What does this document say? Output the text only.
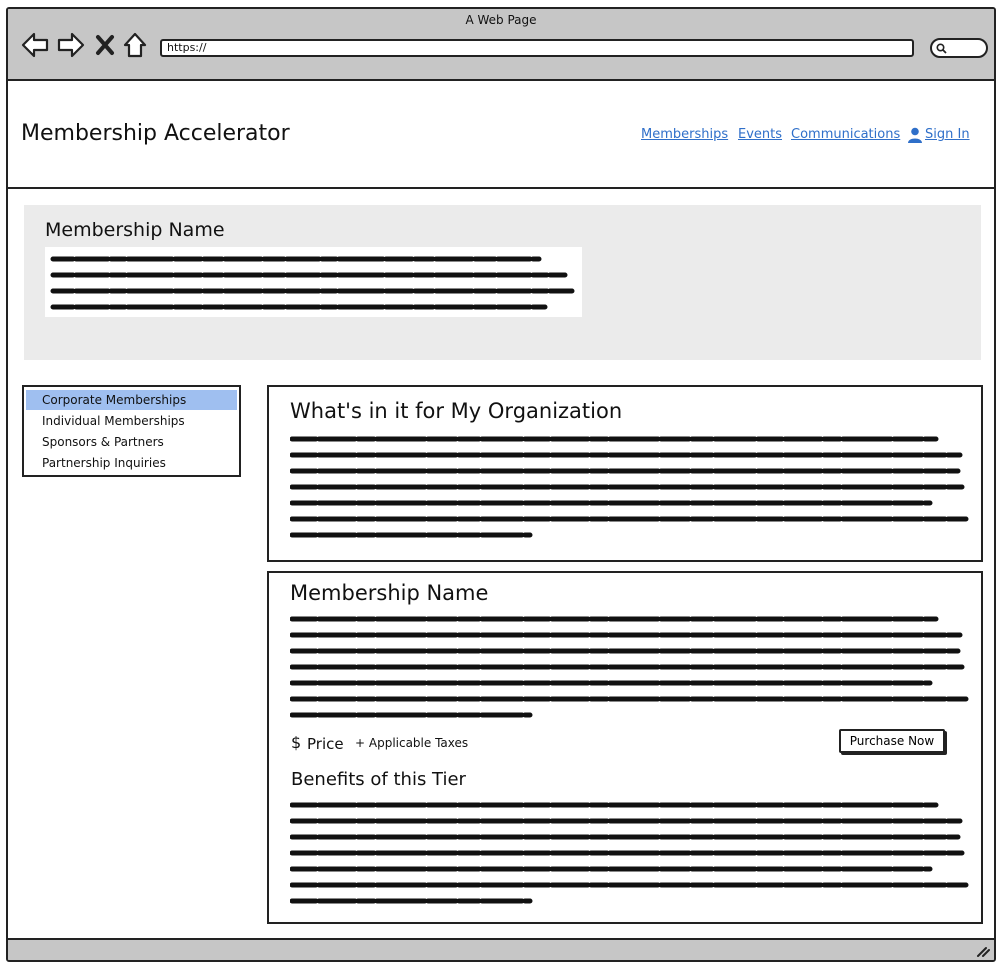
A Web Page
https://
Membership Accelerator	Memberships Events Communications Sign In
Membership Name
Corporate Memberships
Individual Memberships
Sponsors & Partners
Partnership Inquiries
What's in it for My Organization
Membership Name
$ Price + Applicable Taxes	Purchase Now
Benefits of this Tier
